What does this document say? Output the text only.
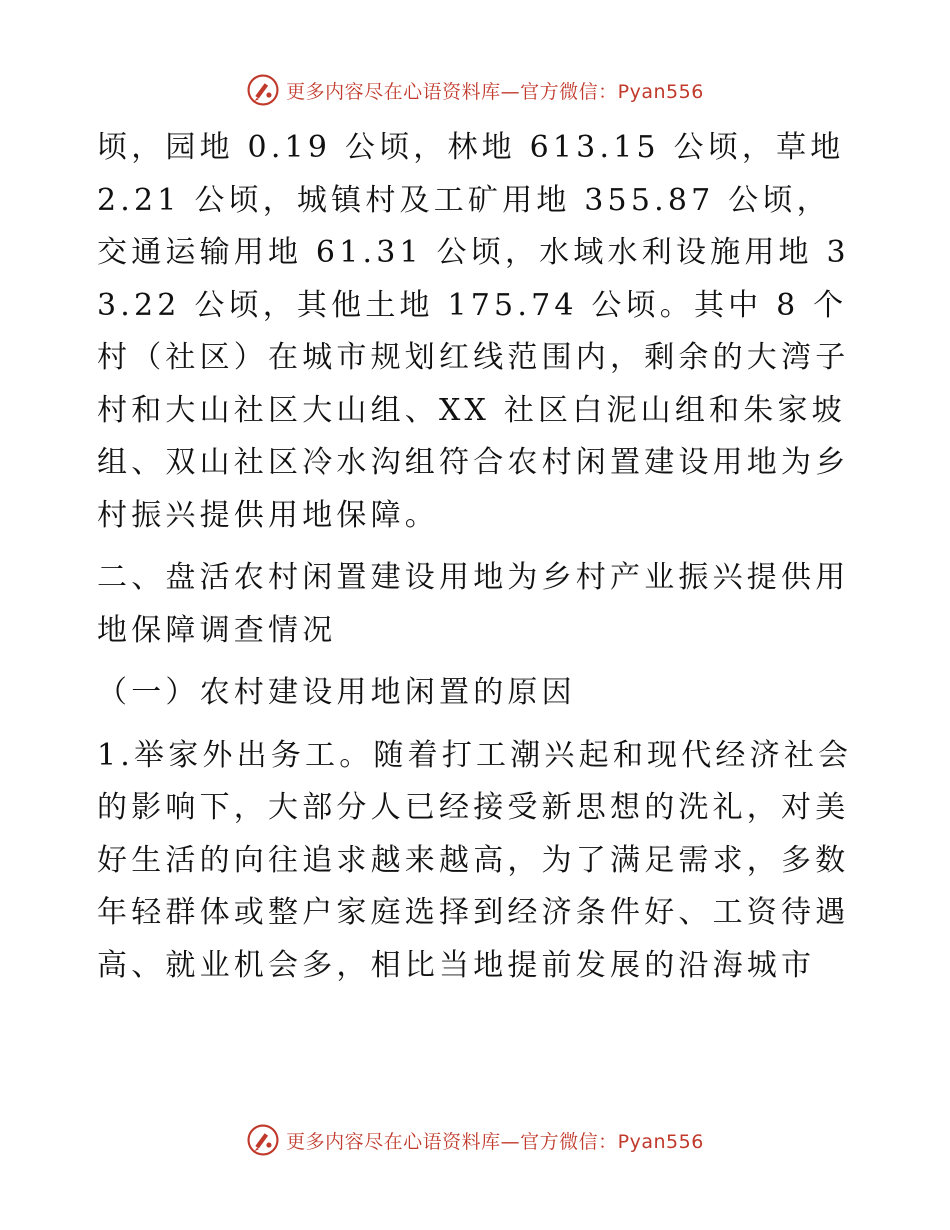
更多内容尽在心语资料库—官方微信：Pyan556

顷，园地 0.19 公顷，林地 613.15 公顷，草地 2.21 公顷，城镇村及工矿用地 355.87 公顷，交通运输用地 61.31 公顷，水域水利设施用地 33.22 公顷，其他土地 175.74 公顷。其中 8 个村（社区）在城市规划红线范围内，剩余的大湾子村和大山社区大山组、XX 社区白泥山组和朱家坡组、双山社区冷水沟组符合农村闲置建设用地为乡村振兴提供用地保障。

二、盘活农村闲置建设用地为乡村产业振兴提供用地保障调查情况

（一）农村建设用地闲置的原因

1.举家外出务工。随着打工潮兴起和现代经济社会的影响下，大部分人已经接受新思想的洗礼，对美好生活的向往追求越来越高，为了满足需求，多数年轻群体或整户家庭选择到经济条件好、工资待遇高、就业机会多，相比当地提前发展的沿海城市

更多内容尽在心语资料库—官方微信：Pyan556
